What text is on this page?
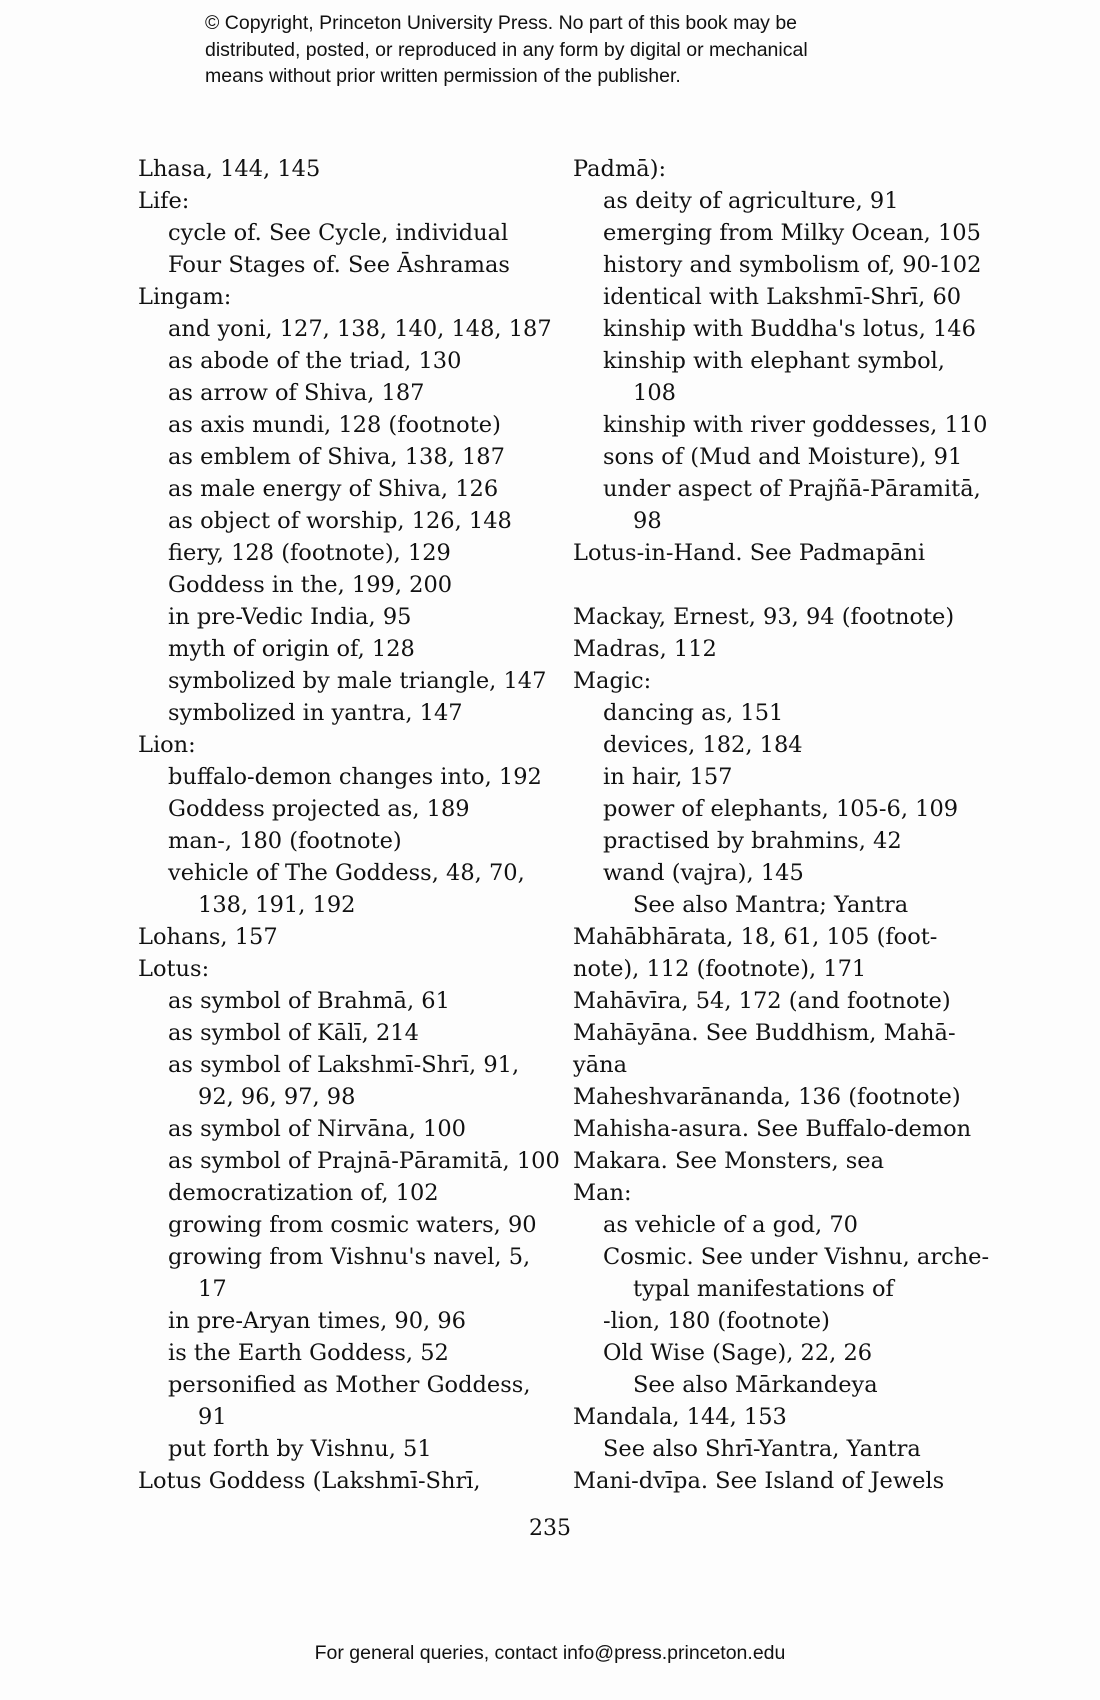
© Copyright, Princeton University Press. No part of this book may be
distributed, posted, or reproduced in any form by digital or mechanical
means without prior written permission of the publisher.
Lhasa, 144, 145
Life:
cycle of. See Cycle, individual
Four Stages of. See Āshramas
Lingam:
and yoni, 127, 138, 140, 148, 187
as abode of the triad, 130
as arrow of Shiva, 187
as axis mundi, 128 (footnote)
as emblem of Shiva, 138, 187
as male energy of Shiva, 126
as object of worship, 126, 148
fiery, 128 (footnote), 129
Goddess in the, 199, 200
in pre-Vedic India, 95
myth of origin of, 128
symbolized by male triangle, 147
symbolized in yantra, 147
Lion:
buffalo-demon changes into, 192
Goddess projected as, 189
man-, 180 (footnote)
vehicle of The Goddess, 48, 70,
138, 191, 192
Lohans, 157
Lotus:
as symbol of Brahmā, 61
as symbol of Kālī, 214
as symbol of Lakshmī-Shrī, 91,
92, 96, 97, 98
as symbol of Nirvāna, 100
as symbol of Prajnā-Pāramitā, 100
democratization of, 102
growing from cosmic waters, 90
growing from Vishnu's navel, 5,
17
in pre-Aryan times, 90, 96
is the Earth Goddess, 52
personified as Mother Goddess,
91
put forth by Vishnu, 51
Lotus Goddess (Lakshmī-Shrī,
Padmā):
as deity of agriculture, 91
emerging from Milky Ocean, 105
history and symbolism of, 90-102
identical with Lakshmī-Shrī, 60
kinship with Buddha's lotus, 146
kinship with elephant symbol,
108
kinship with river goddesses, 110
sons of (Mud and Moisture), 91
under aspect of Prajñā-Pāramitā,
98
Lotus-in-Hand. See Padmapāni
Mackay, Ernest, 93, 94 (footnote)
Madras, 112
Magic:
dancing as, 151
devices, 182, 184
in hair, 157
power of elephants, 105-6, 109
practised by brahmins, 42
wand (vajra), 145
See also Mantra; Yantra
Mahābhārata, 18, 61, 105 (foot-
note), 112 (footnote), 171
Mahāvīra, 54, 172 (and footnote)
Mahāyāna. See Buddhism, Mahā-
yāna
Maheshvarānanda, 136 (footnote)
Mahisha-asura. See Buffalo-demon
Makara. See Monsters, sea
Man:
as vehicle of a god, 70
Cosmic. See under Vishnu, arche-
typal manifestations of
-lion, 180 (footnote)
Old Wise (Sage), 22, 26
See also Mārkandeya
Mandala, 144, 153
See also Shrī-Yantra, Yantra
Mani-dvīpa. See Island of Jewels
235
For general queries, contact info@press.princeton.edu
